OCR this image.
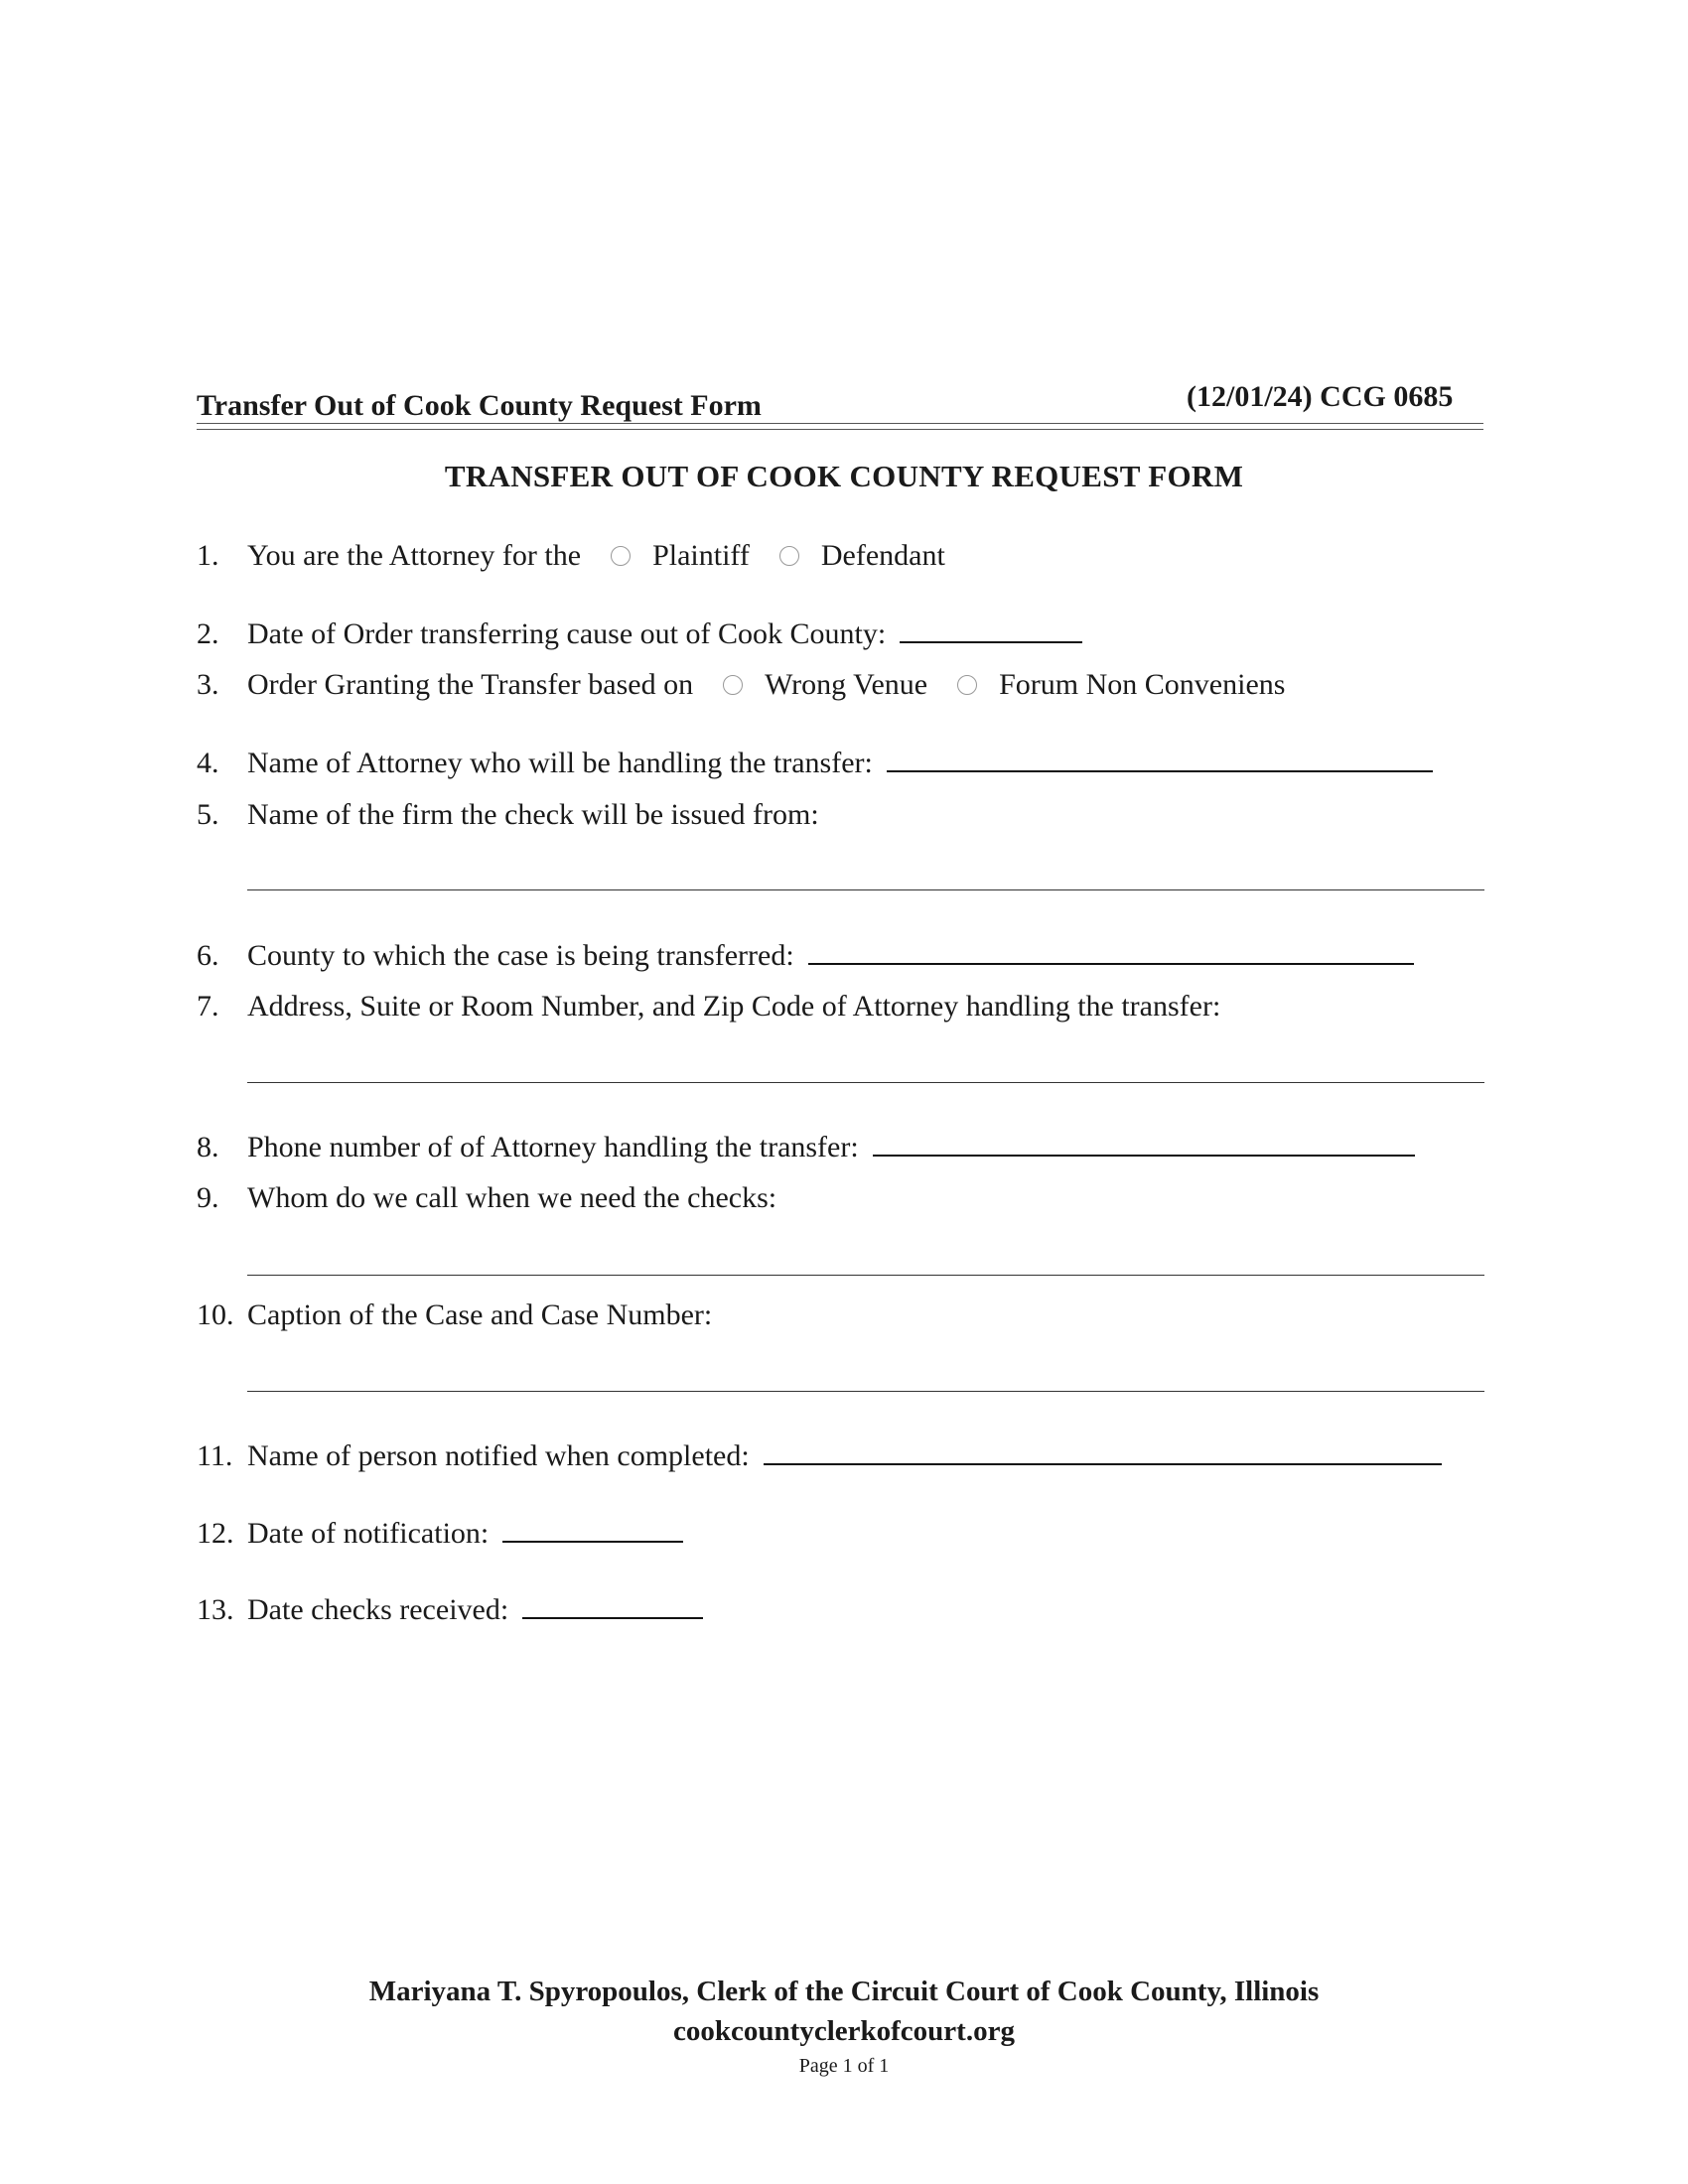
Transfer Out of Cook County Request Form	(12/01/24) CCG 0685
TRANSFER OUT OF COOK COUNTY REQUEST FORM
1. You are the Attorney for the Plaintiff Defendant
2. Date of Order transferring cause out of Cook County:
3. Order Granting the Transfer based on Wrong Venue Forum Non Conveniens
4. Name of Attorney who will be handling the transfer:
5. Name of the firm the check will be issued from:
6. County to which the case is being transferred:
7. Address, Suite or Room Number, and Zip Code of Attorney handling the transfer:
8. Phone number of of Attorney handling the transfer:
9. Whom do we call when we need the checks:
10. Caption of the Case and Case Number:
11. Name of person notified when completed:
12. Date of notification:
13. Date checks received:
Mariyana T. Spyropoulos, Clerk of the Circuit Court of Cook County, Illinois
cookcountyclerkofcourt.org
Page 1 of 1
